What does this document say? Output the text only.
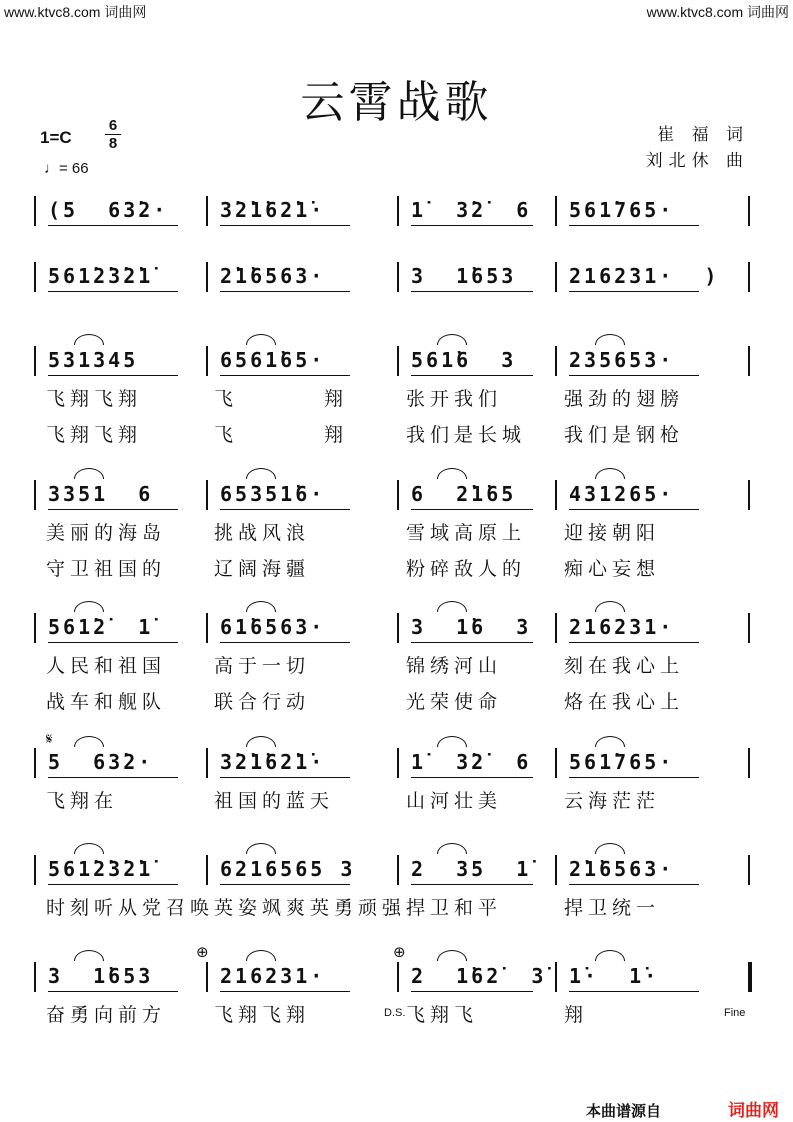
www.ktvc8.com 词曲网	www.ktvc8.com 词曲网
云霄战歌
1=C
6
8
♩= 66
崔 福 词
刘北休 曲
(5  63̇2·	3̇2̇1̇62̇1̇·	1̇  3̇2̇  6 561̇765·
561̇2̇3̇2̇1̇	2̇1̇6563·	3  1̇653	216231·  )
531345	6561̇65·	561̇6  3	235653·
飞翔飞翔	飞	翔	张开我们	强劲的翅膀
飞翔飞翔	飞	翔	我们是长城 我们是钢枪
3351  6	65351̇6·	6  2̇1̇65	431265·
美丽的海岛	挑战风浪	雪域高原上 迎接朝阳
守卫祖国的	辽阔海疆	粉碎敌人的 痴心妄想
561̇2̇  1̇	61̇6563·	3  1̇6  3 216231·
人民和祖国	高于一切	锦绣河山	刻在我心上
战车和舰队	联合行动	光荣使命	烙在我心上
5  63̇2·	3̇2̇1̇62̇1̇·	1̇  3̇2̇  6 561̇765·
飞翔在	祖国的蓝天	山河壮美	云海茫茫
561̇2̇3̇2̇1̇	6216565 3	2  35  1̇ 2̇1̇6563·
时刻听从党召唤 英姿飒爽英勇顽强 捍卫和平	捍卫统一
3  1̇653	216231·	2  1̇62̇  3̇ 1̇·  1̇·
奋勇向前方	飞翔飞翔	飞翔飞	翔
𝄋
⊕	⊕
D.S.	Fine
本曲谱源自	词曲网
